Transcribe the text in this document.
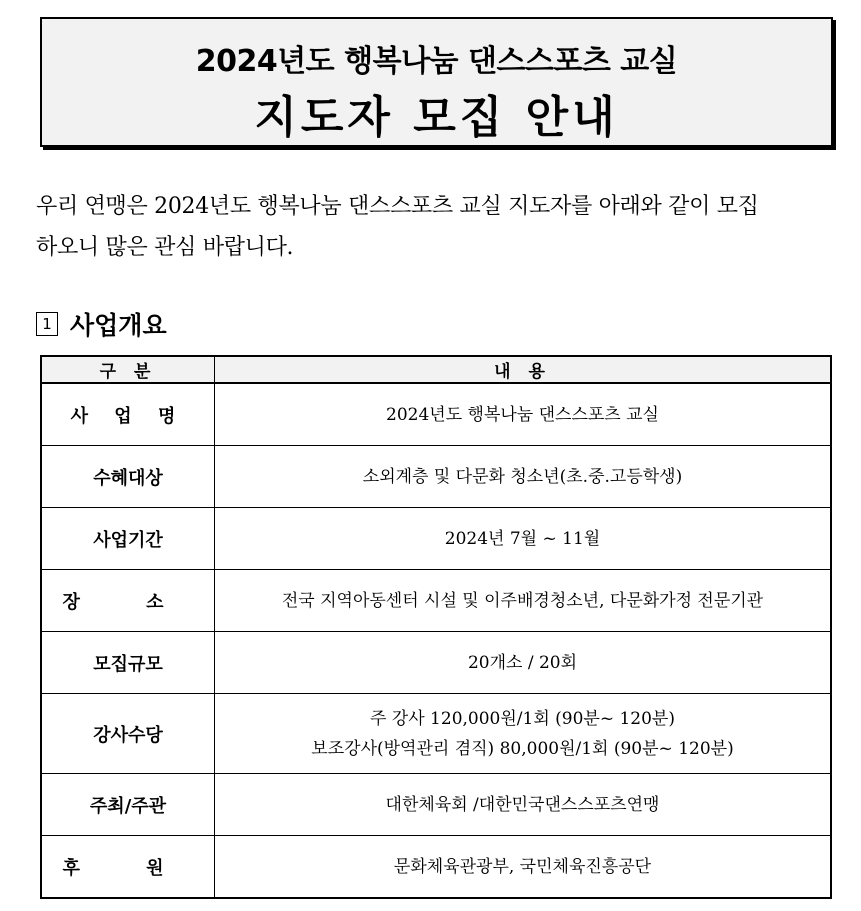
2024년도 행복나눔 댄스스포츠 교실
지도자 모집 안내
우리 연맹은 2024년도 행복나눔 댄스스포츠 교실 지도자를 아래와 같이 모집
하오니 많은 관심 바랍니다.
1 사업개요
구 분	내 용
사 업 명	2024년도 행복나눔 댄스스포츠 교실
수혜대상	소외계층 및 다문화 청소년(초.중.고등학생)
사업기간	2024년 7월 ~ 11월
장 소	전국 지역아동센터 시설 및 이주배경청소년, 다문화가정 전문기관
모집규모	20개소 / 20회
강사수당	주 강사 120,000원/1회 (90분~ 120분)
보조강사(방역관리 겸직) 80,000원/1회 (90분~ 120분)

주최/주관	대한체육회 /대한민국댄스스포츠연맹
후 원	문화체육관광부, 국민체육진흥공단
